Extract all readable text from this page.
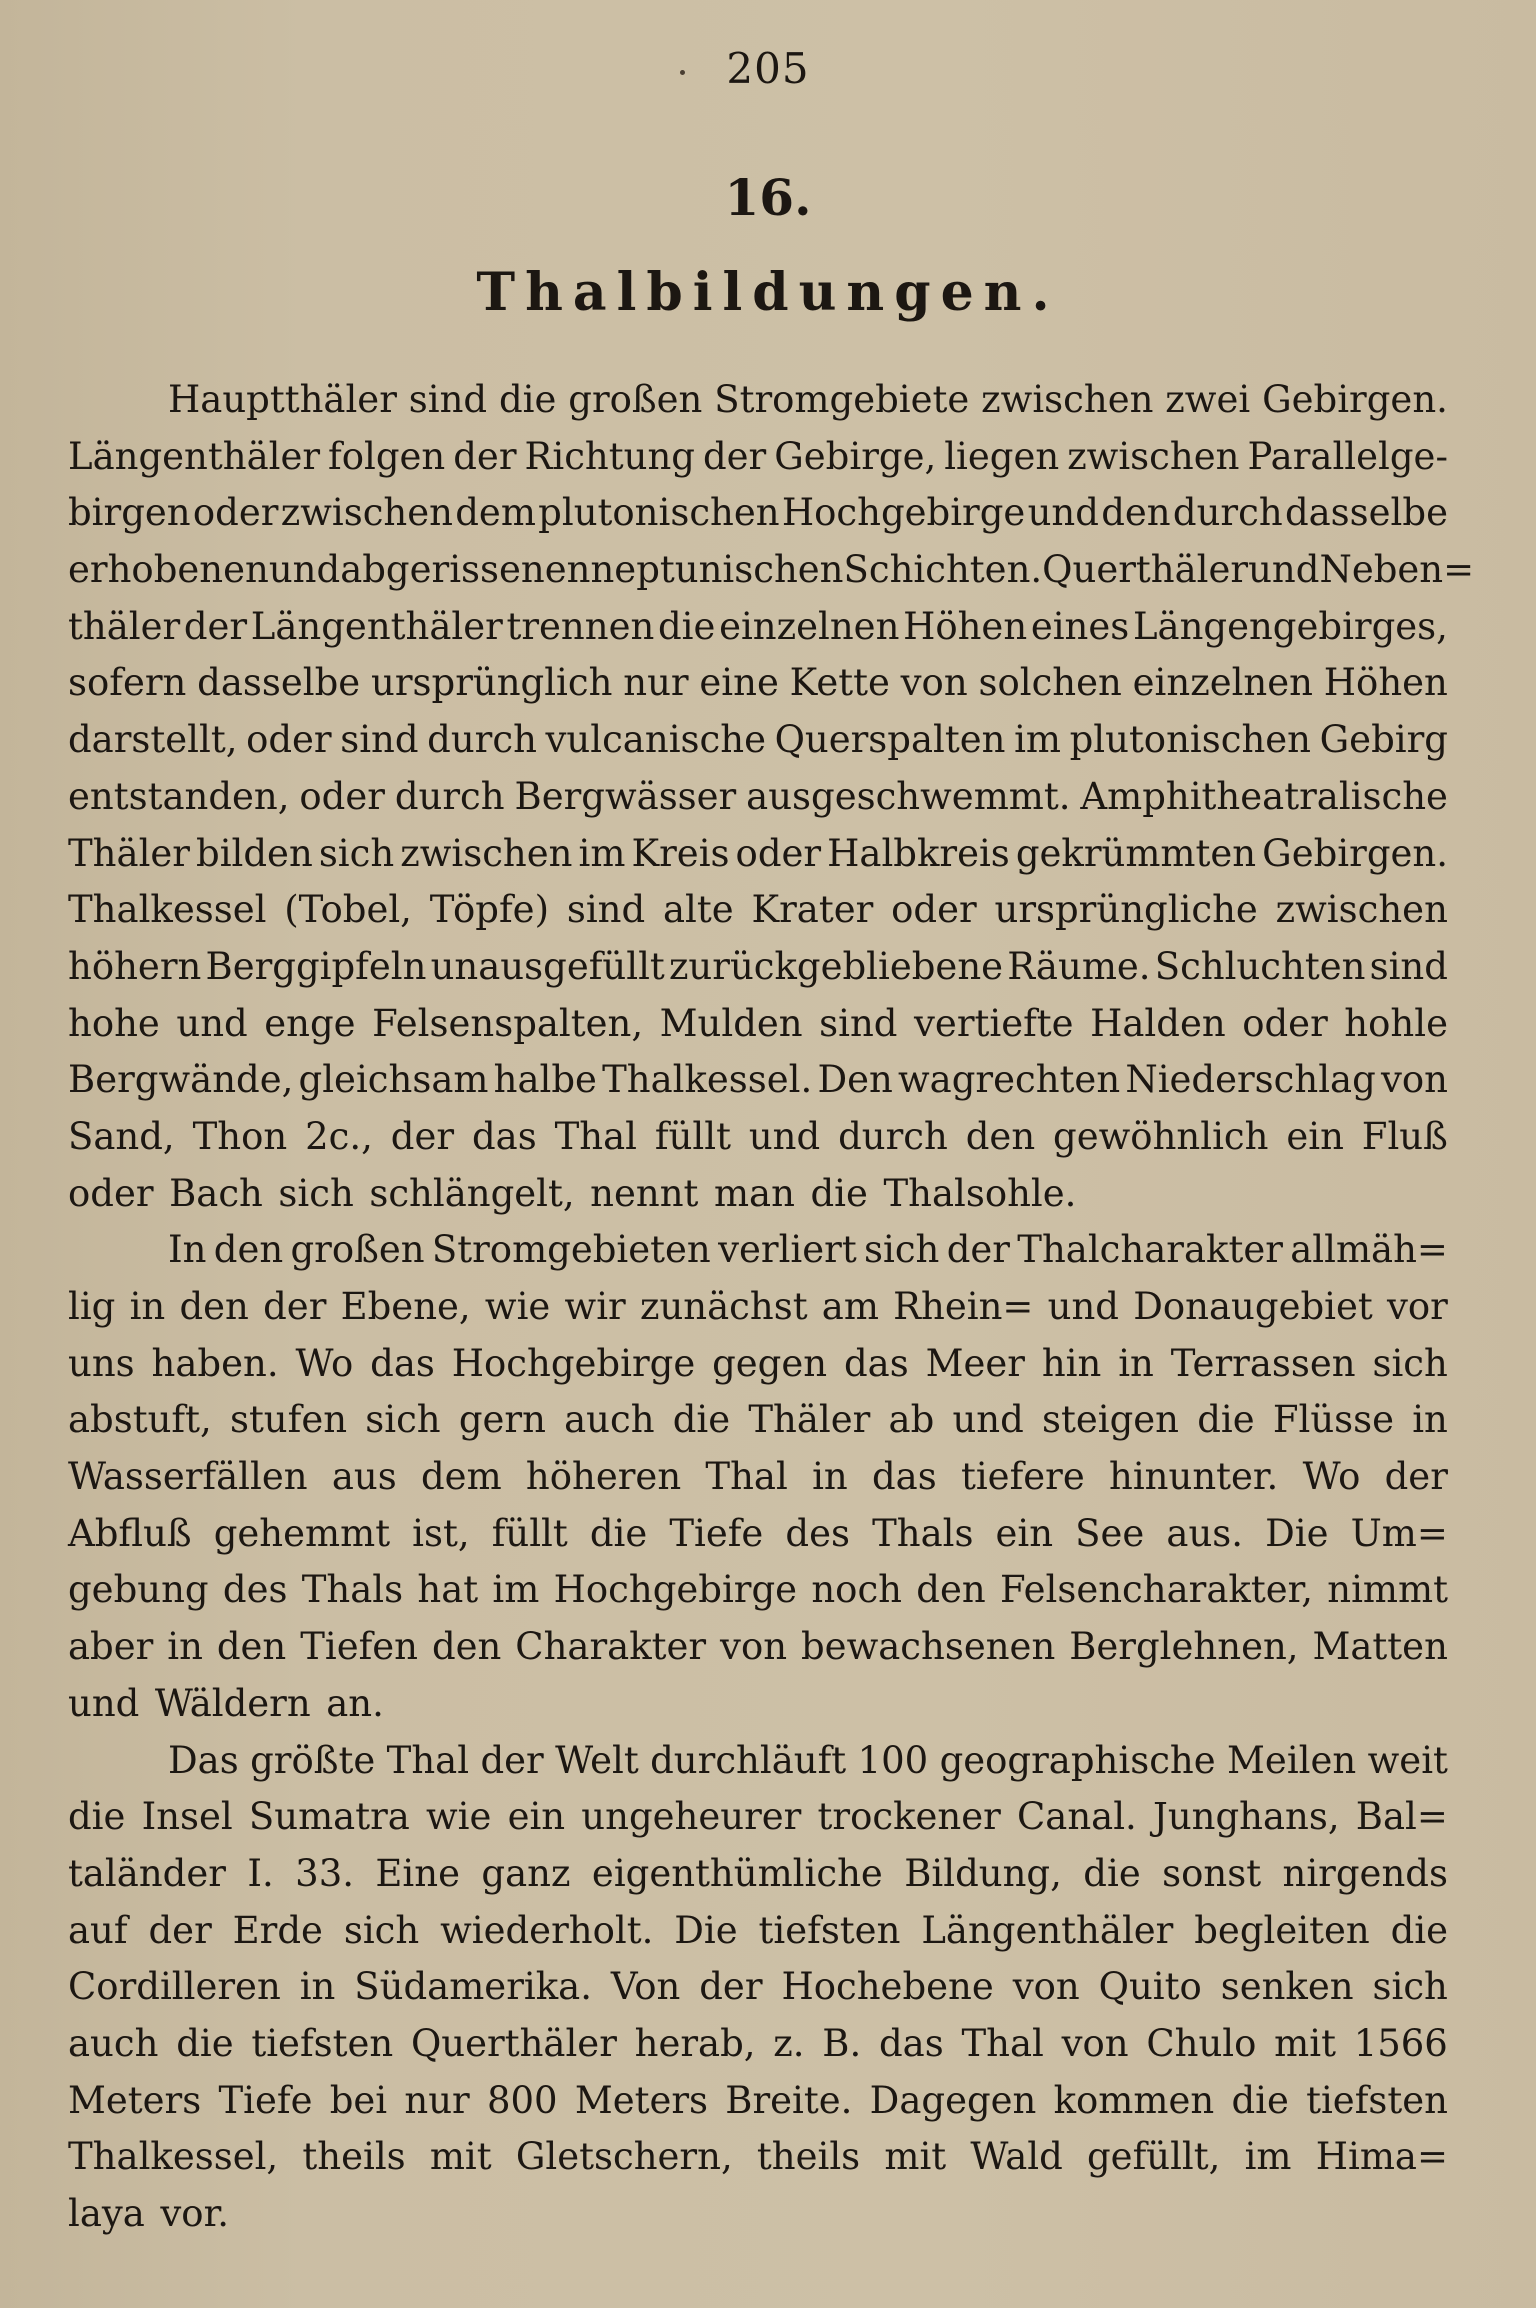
205
16.
Thalbildungen.
Hauptthäler sind die großen Stromgebiete zwischen zwei Gebirgen.
Längenthäler folgen der Richtung der Gebirge, liegen zwischen Parallelge-
birgen oder zwischen dem plutonischen Hochgebirge und den durch dasselbe
erhobenen und abgerissenen neptunischen Schichten. Querthäler und Neben=
thäler der Längenthäler trennen die einzelnen Höhen eines Längengebirges,
sofern dasselbe ursprünglich nur eine Kette von solchen einzelnen Höhen
darstellt, oder sind durch vulcanische Querspalten im plutonischen Gebirg
entstanden, oder durch Bergwässer ausgeschwemmt. Amphitheatralische
Thäler bilden sich zwischen im Kreis oder Halbkreis gekrümmten Gebirgen.
Thalkessel (Tobel, Töpfe) sind alte Krater oder ursprüngliche zwischen
höhern Berggipfeln unausgefüllt zurückgebliebene Räume. Schluchten sind
hohe und enge Felsenspalten, Mulden sind vertiefte Halden oder hohle
Bergwände, gleichsam halbe Thalkessel. Den wagrechten Niederschlag von
Sand, Thon 2c., der das Thal füllt und durch den gewöhnlich ein Fluß
oder Bach sich schlängelt, nennt man die Thalsohle.
In den großen Stromgebieten verliert sich der Thalcharakter allmäh=
lig in den der Ebene, wie wir zunächst am Rhein= und Donaugebiet vor
uns haben. Wo das Hochgebirge gegen das Meer hin in Terrassen sich
abstuft, stufen sich gern auch die Thäler ab und steigen die Flüsse in
Wasserfällen aus dem höheren Thal in das tiefere hinunter. Wo der
Abfluß gehemmt ist, füllt die Tiefe des Thals ein See aus. Die Um=
gebung des Thals hat im Hochgebirge noch den Felsencharakter, nimmt
aber in den Tiefen den Charakter von bewachsenen Berglehnen, Matten
und Wäldern an.
Das größte Thal der Welt durchläuft 100 geographische Meilen weit
die Insel Sumatra wie ein ungeheurer trockener Canal. Junghans, Bal=
taländer I. 33. Eine ganz eigenthümliche Bildung, die sonst nirgends
auf der Erde sich wiederholt. Die tiefsten Längenthäler begleiten die
Cordilleren in Südamerika. Von der Hochebene von Quito senken sich
auch die tiefsten Querthäler herab, z. B. das Thal von Chulo mit 1566
Meters Tiefe bei nur 800 Meters Breite. Dagegen kommen die tiefsten
Thalkessel, theils mit Gletschern, theils mit Wald gefüllt, im Hima=
laya vor.
